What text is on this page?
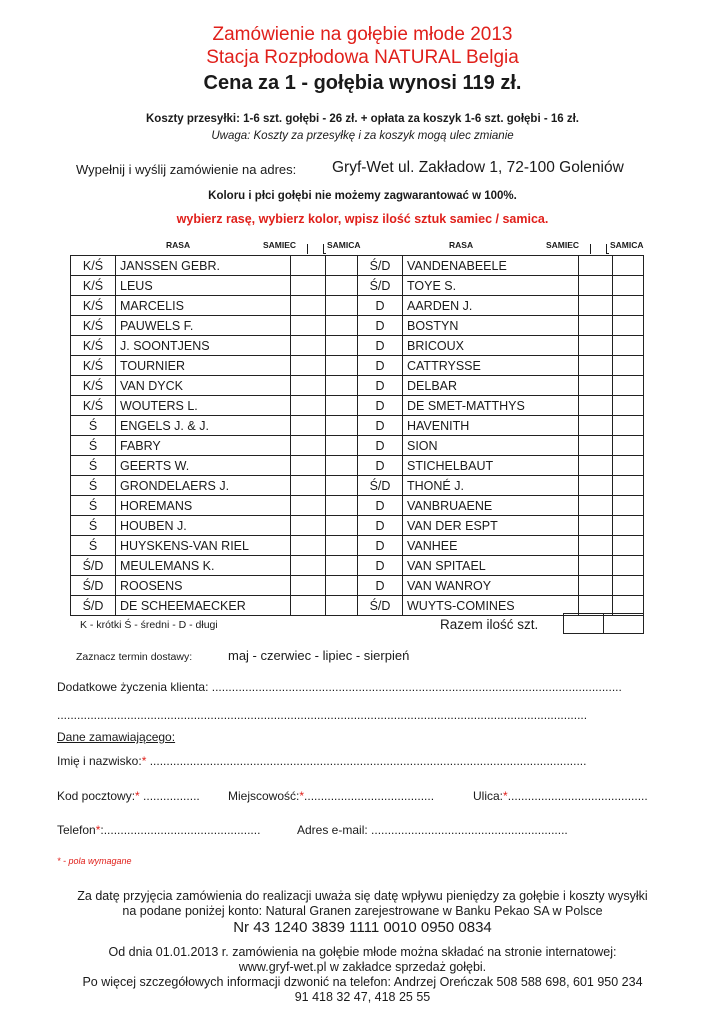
Zamówienie na gołębie młode 2013
Stacja Rozpłodowa NATURAL Belgia
Cena za 1 - gołębia wynosi 119 zł.
Koszty przesyłki: 1-6 szt. gołębi - 26 zł. + opłata za koszyk 1-6 szt. gołębi - 16 zł.
Uwaga: Koszty za przesyłkę i za koszyk mogą ulec zmianie
Wypełnij i wyślij zamówienie na adres: Gryf-Wet ul. Zakładow 1, 72-100 Goleniów
Koloru i płci gołębi nie możemy zagwarantować w 100%.
wybierz rasę, wybierz kolor, wpisz ilość sztuk samiec / samica.
RASA	SAMIEC	SAMICA	RASA	SAMIEC	SAMICA
K/Ś	JANSSEN GEBR.			Ś/D	VANDENABEELE		
K/Ś	LEUS			Ś/D	TOYE S.		
K/Ś	MARCELIS			D	AARDEN J.		
K/Ś	PAUWELS F.			D	BOSTYN		
K/Ś	J. SOONTJENS			D	BRICOUX		
K/Ś	TOURNIER			D	CATTRYSSE		
K/Ś	VAN DYCK			D	DELBAR		
K/Ś	WOUTERS L.			D	DE SMET-MATTHYS		
Ś	ENGELS J. & J.			D	HAVENITH		
Ś	FABRY			D	SION		
Ś	GEERTS W.			D	STICHELBAUT		
Ś	GRONDELAERS J.			Ś/D	THONÉ J.		
Ś	HOREMANS			D	VANBRUAENE		
Ś	HOUBEN J.			D	VAN DER ESPT		
Ś	HUYSKENS-VAN RIEL			D	VANHEE		
Ś/D	MEULEMANS K.			D	VAN SPITAEL		
Ś/D	ROOSENS			D	VAN WANROY		
Ś/D	DE SCHEEMAECKER			Ś/D	WUYTS-COMINES		
K - krótki Ś - średni - D - długi	Razem ilość szt.

Zaznacz termin dostawy:	maj - czerwiec - lipiec - sierpień
Dodatkowe życzenia klienta: ...........................................................................................................................
...............................................................................................................................................................
Dane zamawiającego:
Imię i nazwisko:* ...................................................................................................................................
Kod pocztowy:* ................. Miejscowość:*.......................................	Ulica:*..........................................
Telefon*:...............................................	Adres e-mail: ...........................................................
* - pola wymagane
Za datę przyjęcia zamówienia do realizacji uważa się datę wpływu pieniędzy za gołębie i koszty wysyłki
na podane poniżej konto: Natural Granen zarejestrowane w Banku Pekao SA w Polsce
Nr 43 1240 3839 1111 0010 0950 0834
Od dnia 01.01.2013 r. zamówienia na gołębie młode można składać na stronie internatowej:
www.gryf-wet.pl w zakładce sprzedaż gołębi.
Po więcej szczegółowych informacji dzwonić na telefon: Andrzej Oreńczak 508 588 698, 601 950 234
91 418 32 47, 418 25 55
